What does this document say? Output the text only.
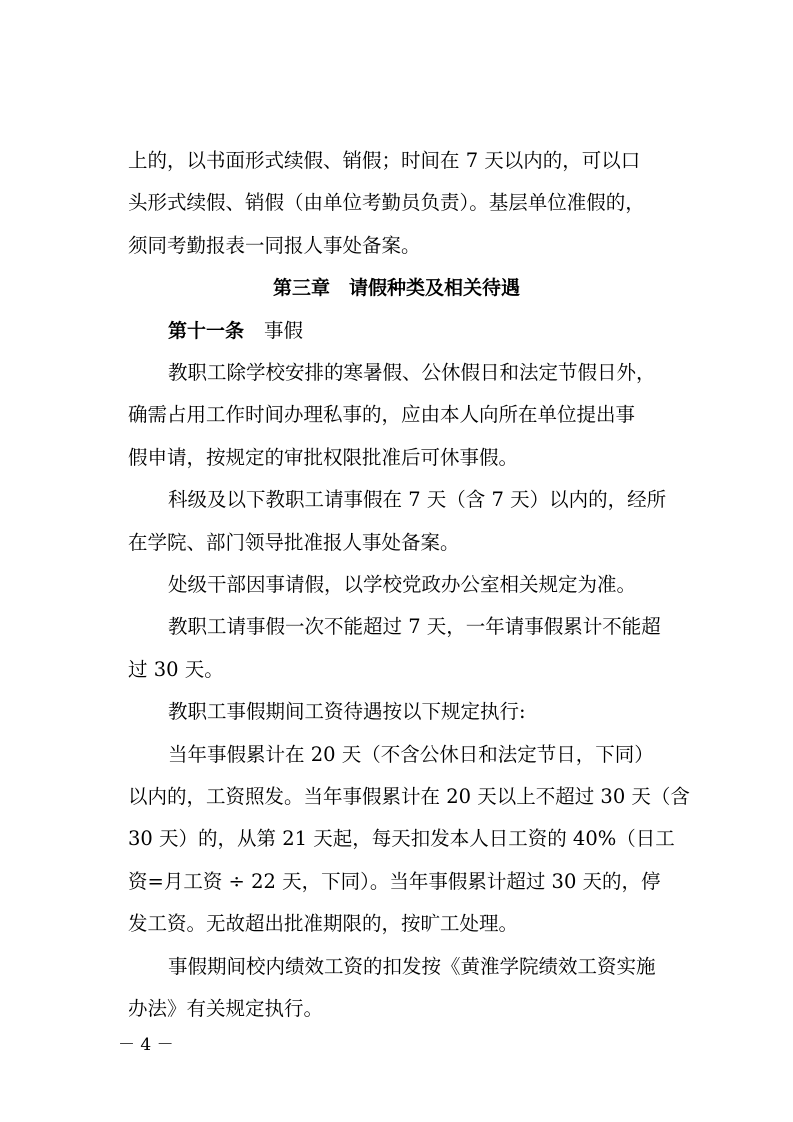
上的，以书面形式续假、销假；时间在 7 天以内的，可以口
头形式续假、销假（由单位考勤员负责）。基层单位准假的，
须同考勤报表一同报人事处备案。
第三章　请假种类及相关待遇
第十一条 事假
教职工除学校安排的寒暑假、公休假日和法定节假日外，
确需占用工作时间办理私事的，应由本人向所在单位提出事
假申请，按规定的审批权限批准后可休事假。
科级及以下教职工请事假在 7 天（含 7 天）以内的，经所
在学院、部门领导批准报人事处备案。
处级干部因事请假，以学校党政办公室相关规定为准。
教职工请事假一次不能超过 7 天，一年请事假累计不能超
过 30 天。
教职工事假期间工资待遇按以下规定执行:
当年事假累计在 20 天（不含公休日和法定节日，下同）
以内的，工资照发。当年事假累计在 20 天以上不超过 30 天（含
30 天）的，从第 21 天起，每天扣发本人日工资的 40%（日工
资=月工资 ÷ 22 天，下同）。当年事假累计超过 30 天的，停
发工资。无故超出批准期限的，按旷工处理。
事假期间校内绩效工资的扣发按《黄淮学院绩效工资实施
办法》有关规定执行。
－ 4 －
